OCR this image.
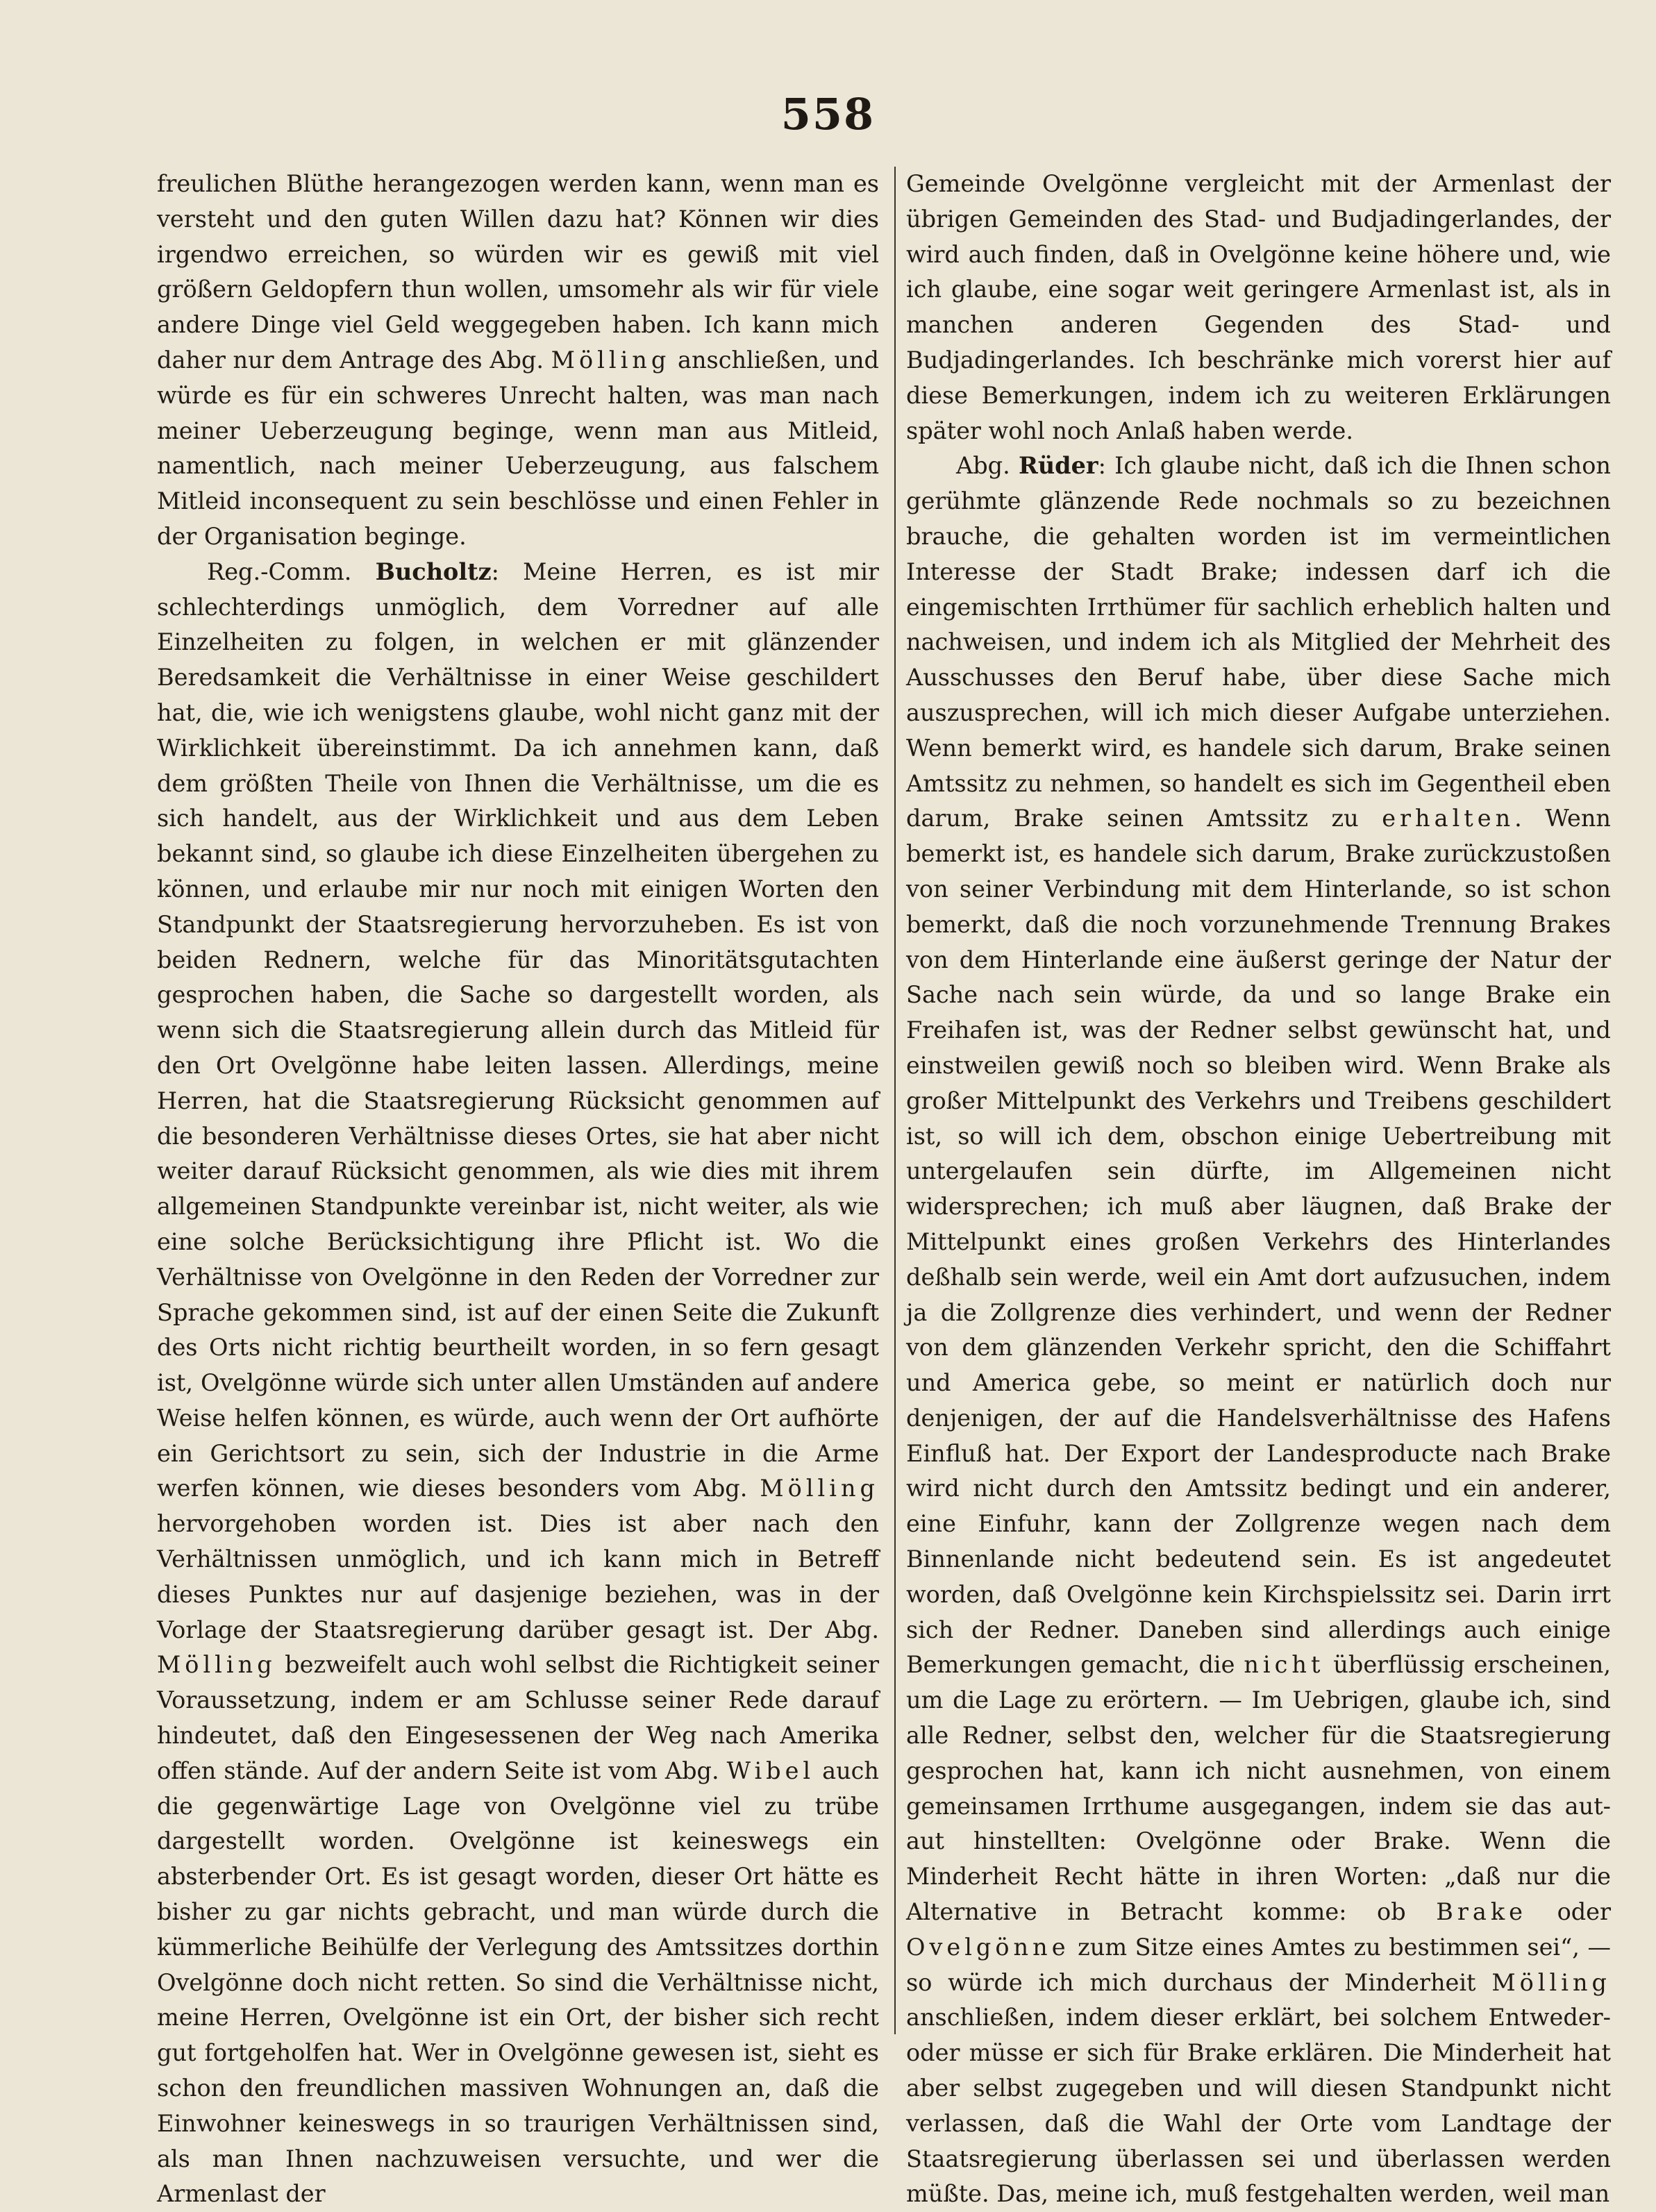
558

freulichen Blüthe herangezogen werden kann, wenn man es versteht und den guten Willen dazu hat? Können wir dies irgendwo erreichen, so würden wir es gewiß mit viel größern Geldopfern thun wollen, umsomehr als wir für viele andere Dinge viel Geld weggegeben haben. Ich kann mich daher nur dem Antrage des Abg. Mölling anschließen, und würde es für ein schweres Unrecht halten, was man nach meiner Ueberzeugung beginge, wenn man aus Mitleid, namentlich, nach meiner Ueberzeugung, aus falschem Mitleid inconsequent zu sein beschlösse und einen Fehler in der Organisation beginge.

Reg.-Comm. Bucholtz: Meine Herren, es ist mir schlechterdings unmöglich, dem Vorredner auf alle Einzelheiten zu folgen, in welchen er mit glänzender Beredsamkeit die Verhältnisse in einer Weise geschildert hat, die, wie ich wenigstens glaube, wohl nicht ganz mit der Wirklichkeit übereinstimmt. Da ich annehmen kann, daß dem größten Theile von Ihnen die Verhältnisse, um die es sich handelt, aus der Wirklichkeit und aus dem Leben bekannt sind, so glaube ich diese Einzelheiten übergehen zu können, und erlaube mir nur noch mit einigen Worten den Standpunkt der Staatsregierung hervorzuheben. Es ist von beiden Rednern, welche für das Minoritätsgutachten gesprochen haben, die Sache so dargestellt worden, als wenn sich die Staatsregierung allein durch das Mitleid für den Ort Ovelgönne habe leiten lassen. Allerdings, meine Herren, hat die Staatsregierung Rücksicht genommen auf die besonderen Verhältnisse dieses Ortes, sie hat aber nicht weiter darauf Rücksicht genommen, als wie dies mit ihrem allgemeinen Standpunkte vereinbar ist, nicht weiter, als wie eine solche Berücksichtigung ihre Pflicht ist. Wo die Verhältnisse von Ovelgönne in den Reden der Vorredner zur Sprache gekommen sind, ist auf der einen Seite die Zukunft des Orts nicht richtig beurtheilt worden, in so fern gesagt ist, Ovelgönne würde sich unter allen Umständen auf andere Weise helfen können, es würde, auch wenn der Ort aufhörte ein Gerichtsort zu sein, sich der Industrie in die Arme werfen können, wie dieses besonders vom Abg. Mölling hervorgehoben worden ist. Dies ist aber nach den Verhältnissen unmöglich, und ich kann mich in Betreff dieses Punktes nur auf dasjenige beziehen, was in der Vorlage der Staatsregierung darüber gesagt ist. Der Abg. Mölling bezweifelt auch wohl selbst die Richtigkeit seiner Voraussetzung, indem er am Schlusse seiner Rede darauf hindeutet, daß den Eingesessenen der Weg nach Amerika offen stände. Auf der andern Seite ist vom Abg. Wibel auch die gegenwärtige Lage von Ovelgönne viel zu trübe dargestellt worden. Ovelgönne ist keineswegs ein absterbender Ort. Es ist gesagt worden, dieser Ort hätte es bisher zu gar nichts gebracht, und man würde durch die kümmerliche Beihülfe der Verlegung des Amtssitzes dorthin Ovelgönne doch nicht retten. So sind die Verhältnisse nicht, meine Herren, Ovelgönne ist ein Ort, der bisher sich recht gut fortgeholfen hat. Wer in Ovelgönne gewesen ist, sieht es schon den freundlichen massiven Wohnungen an, daß die Einwohner keineswegs in so traurigen Verhältnissen sind, als man Ihnen nachzuweisen versuchte, und wer die Armenlast der

Gemeinde Ovelgönne vergleicht mit der Armenlast der übrigen Gemeinden des Stad- und Budjadingerlandes, der wird auch finden, daß in Ovelgönne keine höhere und, wie ich glaube, eine sogar weit geringere Armenlast ist, als in manchen anderen Gegenden des Stad- und Budjadingerlandes. Ich beschränke mich vorerst hier auf diese Bemerkungen, indem ich zu weiteren Erklärungen später wohl noch Anlaß haben werde.

Abg. Rüder: Ich glaube nicht, daß ich die Ihnen schon gerühmte glänzende Rede nochmals so zu bezeichnen brauche, die gehalten worden ist im vermeintlichen Interesse der Stadt Brake; indessen darf ich die eingemischten Irrthümer für sachlich erheblich halten und nachweisen, und indem ich als Mitglied der Mehrheit des Ausschusses den Beruf habe, über diese Sache mich auszusprechen, will ich mich dieser Aufgabe unterziehen. Wenn bemerkt wird, es handele sich darum, Brake seinen Amtssitz zu nehmen, so handelt es sich im Gegentheil eben darum, Brake seinen Amtssitz zu erhalten. Wenn bemerkt ist, es handele sich darum, Brake zurückzustoßen von seiner Verbindung mit dem Hinterlande, so ist schon bemerkt, daß die noch vorzunehmende Trennung Brakes von dem Hinterlande eine äußerst geringe der Natur der Sache nach sein würde, da und so lange Brake ein Freihafen ist, was der Redner selbst gewünscht hat, und einstweilen gewiß noch so bleiben wird. Wenn Brake als großer Mittelpunkt des Verkehrs und Treibens geschildert ist, so will ich dem, obschon einige Uebertreibung mit untergelaufen sein dürfte, im Allgemeinen nicht widersprechen; ich muß aber läugnen, daß Brake der Mittelpunkt eines großen Verkehrs des Hinterlandes deßhalb sein werde, weil ein Amt dort aufzusuchen, indem ja die Zollgrenze dies verhindert, und wenn der Redner von dem glänzenden Verkehr spricht, den die Schiffahrt und America gebe, so meint er natürlich doch nur denjenigen, der auf die Handelsverhältnisse des Hafens Einfluß hat. Der Export der Landesproducte nach Brake wird nicht durch den Amtssitz bedingt und ein anderer, eine Einfuhr, kann der Zollgrenze wegen nach dem Binnenlande nicht bedeutend sein. Es ist angedeutet worden, daß Ovelgönne kein Kirchspielssitz sei. Darin irrt sich der Redner. Daneben sind allerdings auch einige Bemerkungen gemacht, die nicht überflüssig erscheinen, um die Lage zu erörtern. — Im Uebrigen, glaube ich, sind alle Redner, selbst den, welcher für die Staatsregierung gesprochen hat, kann ich nicht ausnehmen, von einem gemeinsamen Irrthume ausgegangen, indem sie das aut-aut hinstellten: Ovelgönne oder Brake. Wenn die Minderheit Recht hätte in ihren Worten: „daß nur die Alternative in Betracht komme: ob Brake oder Ovelgönne zum Sitze eines Amtes zu bestimmen sei“, — so würde ich mich durchaus der Minderheit Mölling anschließen, indem dieser erklärt, bei solchem Entweder-oder müsse er sich für Brake erklären. Die Minderheit hat aber selbst zugegeben und will diesen Standpunkt nicht verlassen, daß die Wahl der Orte vom Landtage der Staatsregierung überlassen sei und überlassen werden müßte. Das, meine ich, muß festgehalten werden, weil man
